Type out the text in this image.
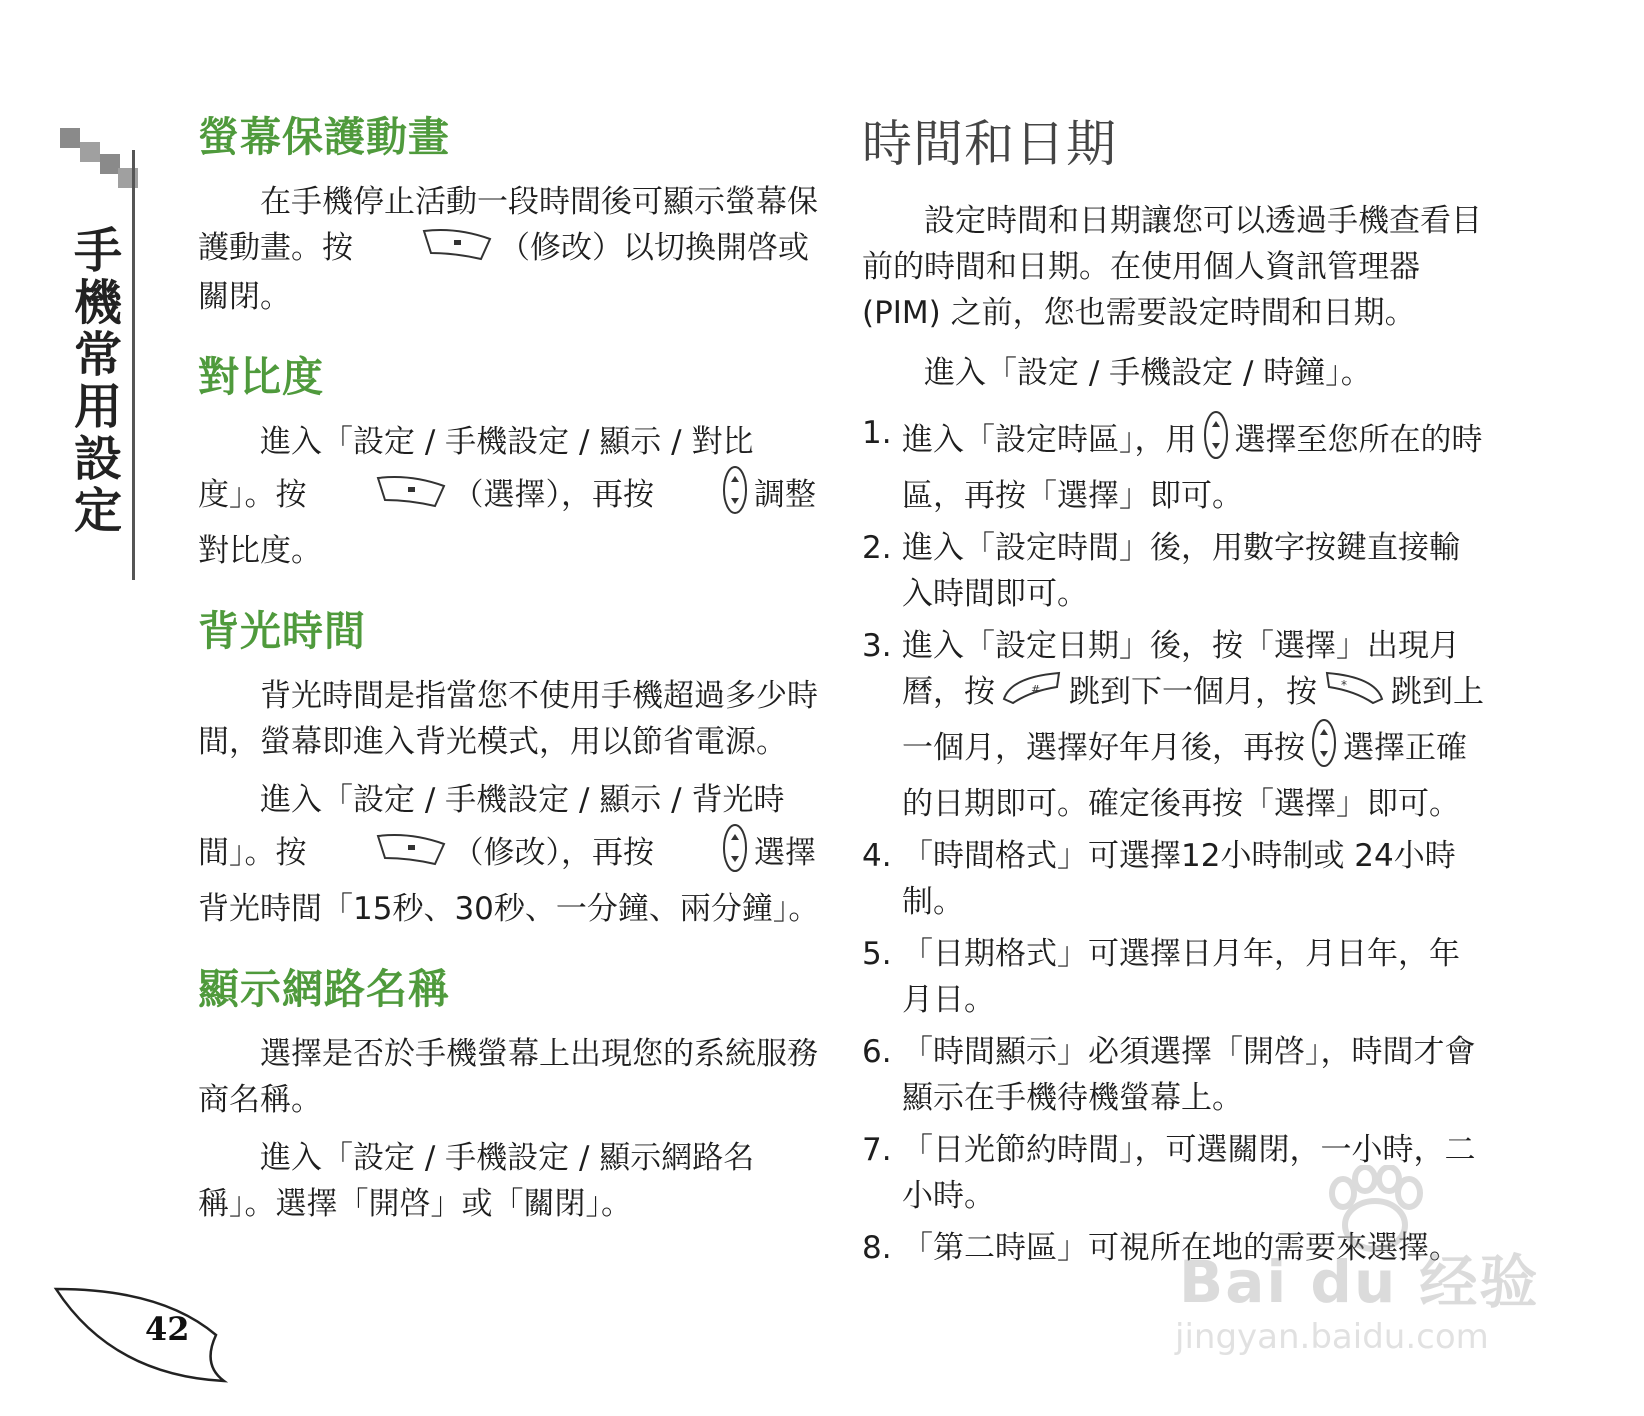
手機常用設定
螢幕保護動畫

在手機停止活動一段時間後可顯示螢幕保護動畫。按	（修改）以切換開啓或關閉。

對比度

進入「設定 / 手機設定 / 顯示 / 對比度」。按	（選擇），再按	調整對比度。

背光時間

背光時間是指當您不使用手機超過多少時間，螢幕即進入背光模式，用以節省電源。

進入「設定 / 手機設定 / 顯示 / 背光時間」。按	（修改），再按	選擇背光時間「15秒、30秒、一分鐘、兩分鐘」。

顯示網路名稱

選擇是否於手機螢幕上出現您的系統服務商名稱。

進入「設定 / 手機設定 / 顯示網路名稱」。選擇「開啓」或「關閉」。

時間和日期

設定時間和日期讓您可以透過手機查看目前的時間和日期。在使用個人資訊管理器 (PIM) 之前，您也需要設定時間和日期。

進入「設定 / 手機設定 / 時鐘」。

1. 進入「設定時區」，用 選擇至您所在的時區，再按「選擇」即可。
2. 進入「設定時間」後，用數字按鍵直接輸入時間即可。
3. 進入「設定日期」後，按「選擇」出現月曆，按	# 跳到下一個月，按 * 跳到上一個月，選擇好年月後，再按 選擇正確的日期即可。確定後再按「選擇」即可。
4. 「時間格式」可選擇12小時制或 24小時制。
5. 「日期格式」可選擇日月年，月日年，年月日。
6. 「時間顯示」必須選擇「開啓」，時間才會顯示在手機待機螢幕上。
7. 「日光節約時間」，可選關閉，一小時，二小時。
8. 「第二時區」可視所在地的需要來選擇。
42
Bai du 经验
jingyan.baidu.com
